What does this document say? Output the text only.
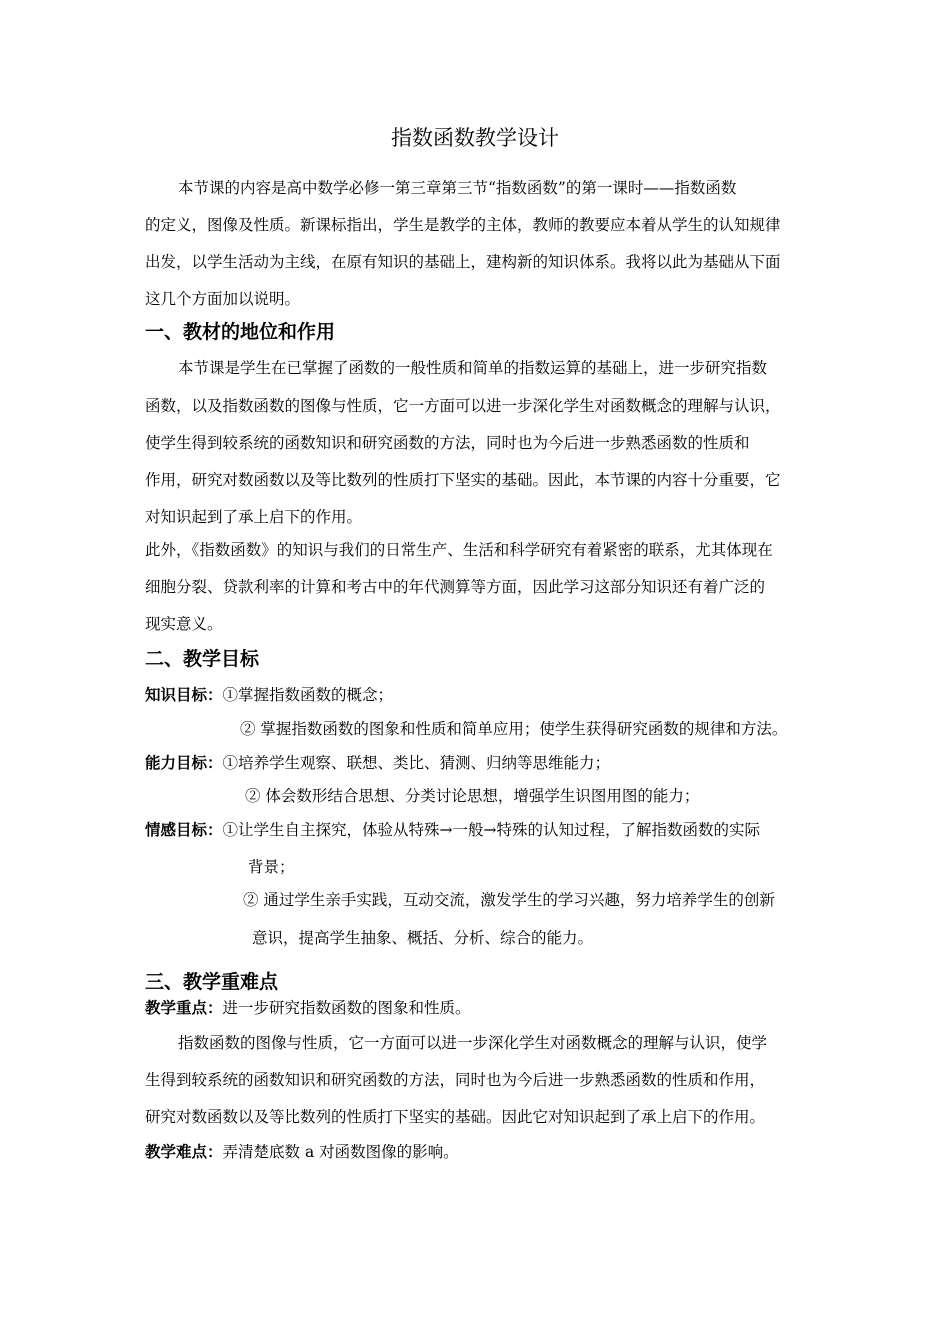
指数函数教学设计
本节课的内容是高中数学必修一第三章第三节“指数函数”的第一课时——指数函数
的定义，图像及性质。新课标指出，学生是教学的主体，教师的教要应本着从学生的认知规律
出发，以学生活动为主线，在原有知识的基础上，建构新的知识体系。我将以此为基础从下面
这几个方面加以说明。
一、教材的地位和作用
本节课是学生在已掌握了函数的一般性质和简单的指数运算的基础上，进一步研究指数
函数，以及指数函数的图像与性质，它一方面可以进一步深化学生对函数概念的理解与认识，
使学生得到较系统的函数知识和研究函数的方法，同时也为今后进一步熟悉函数的性质和
作用，研究对数函数以及等比数列的性质打下坚实的基础。因此，本节课的内容十分重要，它
对知识起到了承上启下的作用。
此外，《指数函数》的知识与我们的日常生产、生活和科学研究有着紧密的联系，尤其体现在
细胞分裂、贷款利率的计算和考古中的年代测算等方面，因此学习这部分知识还有着广泛的
现实意义。
二、教学目标
知识目标：①掌握指数函数的概念；
② 掌握指数函数的图象和性质和简单应用；使学生获得研究函数的规律和方法。
能力目标：①培养学生观察、联想、类比、猜测、归纳等思维能力；
② 体会数形结合思想、分类讨论思想，增强学生识图用图的能力；
情感目标：①让学生自主探究，体验从特殊→一般→特殊的认知过程，了解指数函数的实际
背景；
② 通过学生亲手实践，互动交流，激发学生的学习兴趣，努力培养学生的创新
意识，提高学生抽象、概括、分析、综合的能力。
三、教学重难点
教学重点：进一步研究指数函数的图象和性质。
指数函数的图像与性质，它一方面可以进一步深化学生对函数概念的理解与认识，使学
生得到较系统的函数知识和研究函数的方法，同时也为今后进一步熟悉函数的性质和作用，
研究对数函数以及等比数列的性质打下坚实的基础。因此它对知识起到了承上启下的作用。
教学难点：弄清楚底数 a 对函数图像的影响。
